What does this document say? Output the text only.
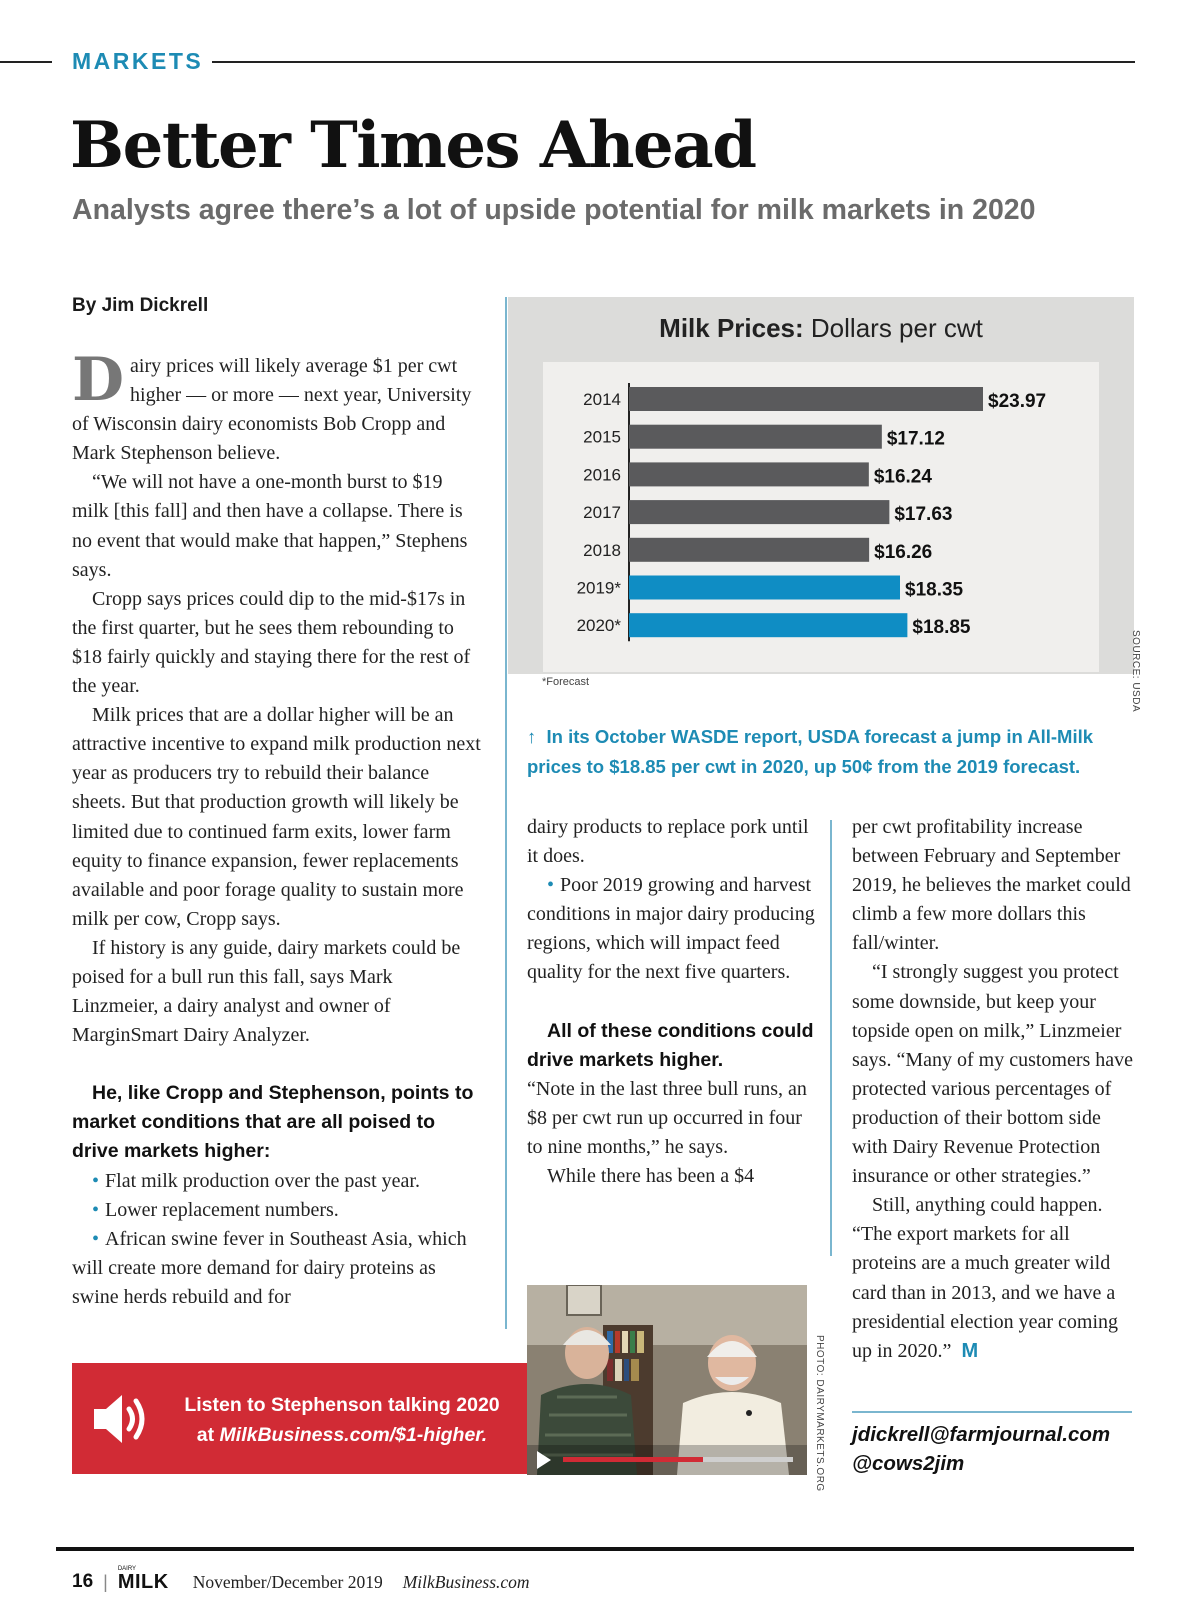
MARKETS
Better Times Ahead
Analysts agree there’s a lot of upside potential for milk markets in 2020
By Jim Dickrell

Dairy prices will likely average $1 per cwt higher — or more — next year, University of Wisconsin dairy economists Bob Cropp and Mark Stephenson believe.

“We will not have a one-month burst to $19 milk [this fall] and then have a collapse. There is no event that would make that happen,” Stephens says.

Cropp says prices could dip to the mid-$17s in the first quarter, but he sees them rebounding to $18 fairly quickly and staying there for the rest of the year.

Milk prices that are a dollar higher will be an attractive incentive to expand milk production next year as producers try to rebuild their balance sheets. But that production growth will likely be limited due to continued farm exits, lower farm equity to finance expansion, fewer replacements available and poor forage quality to sustain more milk per cow, Cropp says.

If history is any guide, dairy markets could be poised for a bull run this fall, says Mark Linzmeier, a dairy analyst and owner of MarginSmart Dairy Analyzer.

He, like Cropp and Stephenson, points to market conditions that are all poised to drive markets higher:

• Flat milk production over the past year.

• Lower replacement numbers.

• African swine fever in Southeast Asia, which will create more demand for dairy proteins as swine herds rebuild and for

Milk Prices: Dollars per cwt
2014	$23.97
2015	$17.12
2016	$16.24
2017	$17.63
2018	$16.26
2019*	$18.35
2020*	$18.85
*Forecast	SOURCE: USDA
↑ In its October WASDE report, USDA forecast a jump in All-Milk prices to $18.85 per cwt in 2020, up 50¢ from the 2019 forecast.

dairy products to replace pork until it does.

• Poor 2019 growing and harvest conditions in major dairy producing regions, which will impact feed quality for the next five quarters.

All of these conditions could drive markets higher.

“Note in the last three bull runs, an $8 per cwt run up occurred in four to nine months,” he says.

While there has been a $4

per cwt profitability increase between February and September 2019, he believes the market could climb a few more dollars this fall/winter.

“I strongly suggest you protect some downside, but keep your topside open on milk,” Linzmeier says. “Many of my customers have protected various percentages of production of their bottom side with Dairy Revenue Protection insurance or other strategies.”

Still, anything could happen. “The export markets for all proteins are a much greater wild card than in 2013, and we have a presidential election year coming up in 2020.” M

jdickrell@farmjournal.com
@cows2jim
Listen to Stephenson talking 2020
at MilkBusiness.com/$1-higher.	PHOTO: DAIRYMARKETS.ORG
16 |
DAIRY
MILK November/December 2019 MilkBusiness.com
